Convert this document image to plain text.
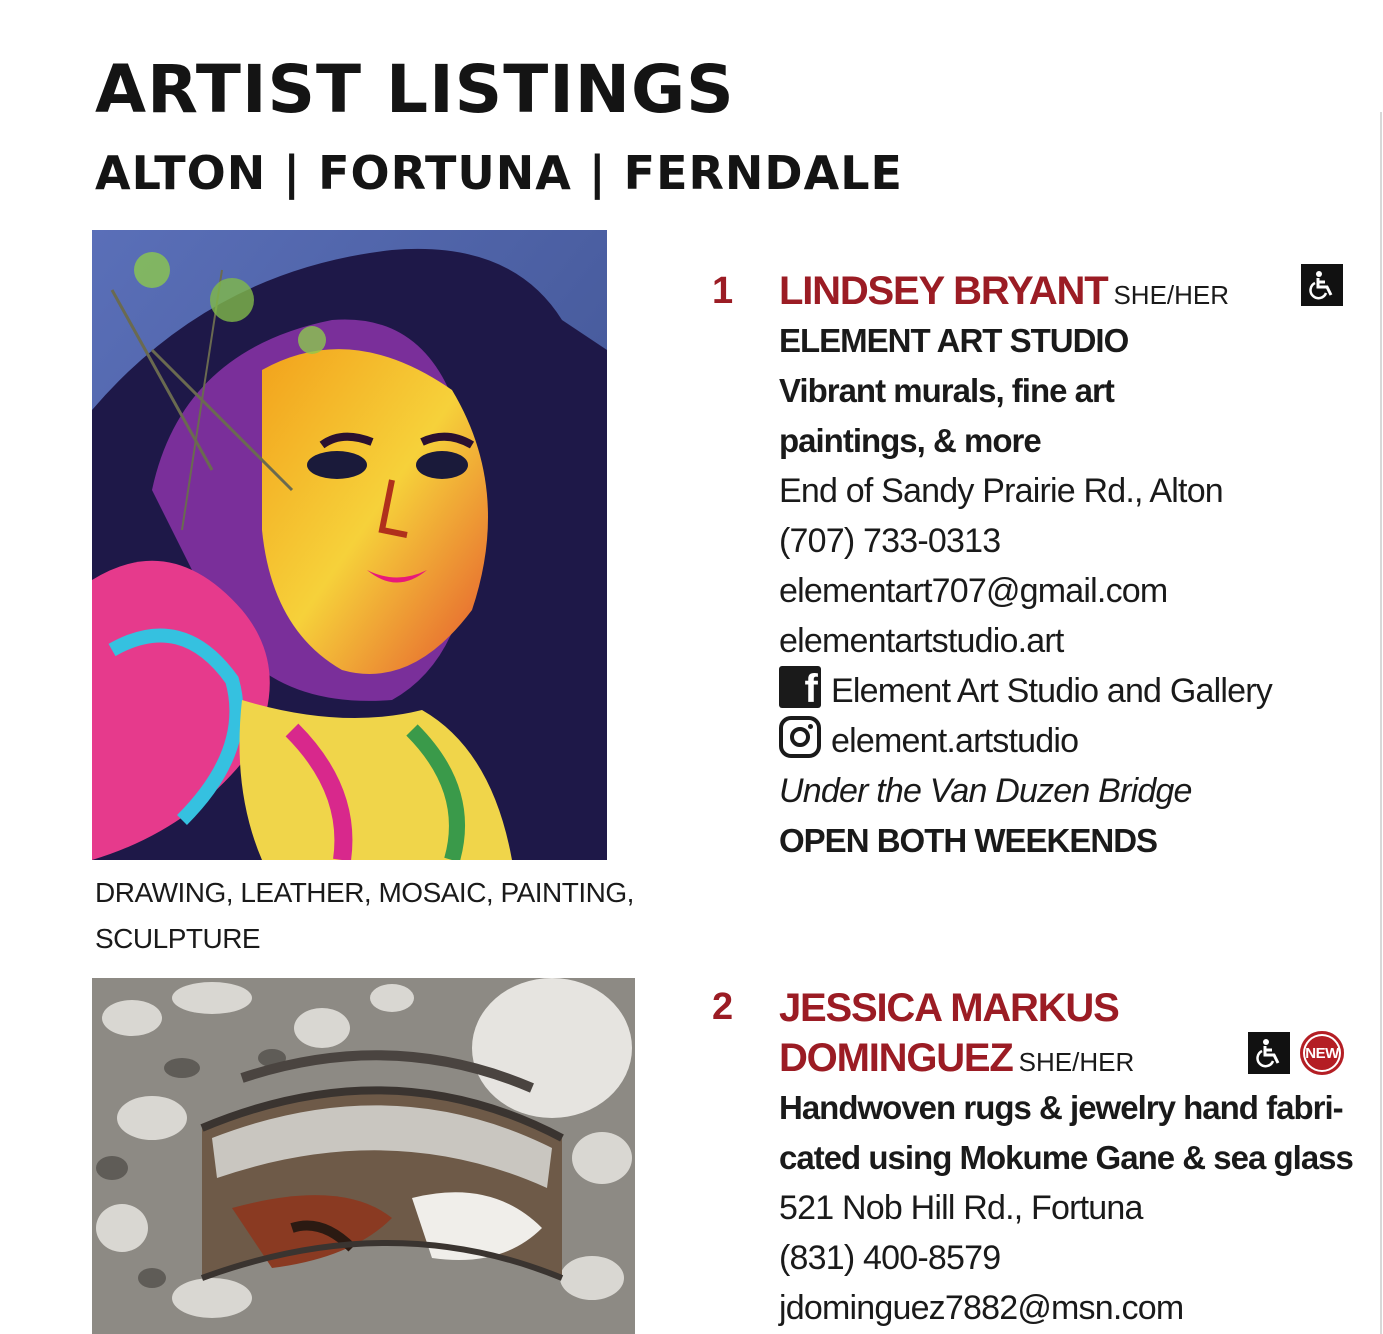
ARTIST LISTINGS
ALTON | FORTUNA | FERNDALE
DRAWING, LEATHER, MOSAIC, PAINTING,
SCULPTURE
1 LINDSEY BRYANT SHE/HER
ELEMENT ART STUDIO
Vibrant murals, fine art
paintings, & more
End of Sandy Prairie Rd., Alton
(707) 733-0313
elementart707@gmail.com
elementartstudio.art
f Element Art Studio and Gallery
element.artstudio
Under the Van Duzen Bridge
OPEN BOTH WEEKENDS
2
NEW
JESSICA MARKUS
DOMINGUEZ SHE/HER
Handwoven rugs & jewelry hand fabri-
cated using Mokume Gane & sea glass
521 Nob Hill Rd., Fortuna
(831) 400-8579
jdominguez7882@msn.com
